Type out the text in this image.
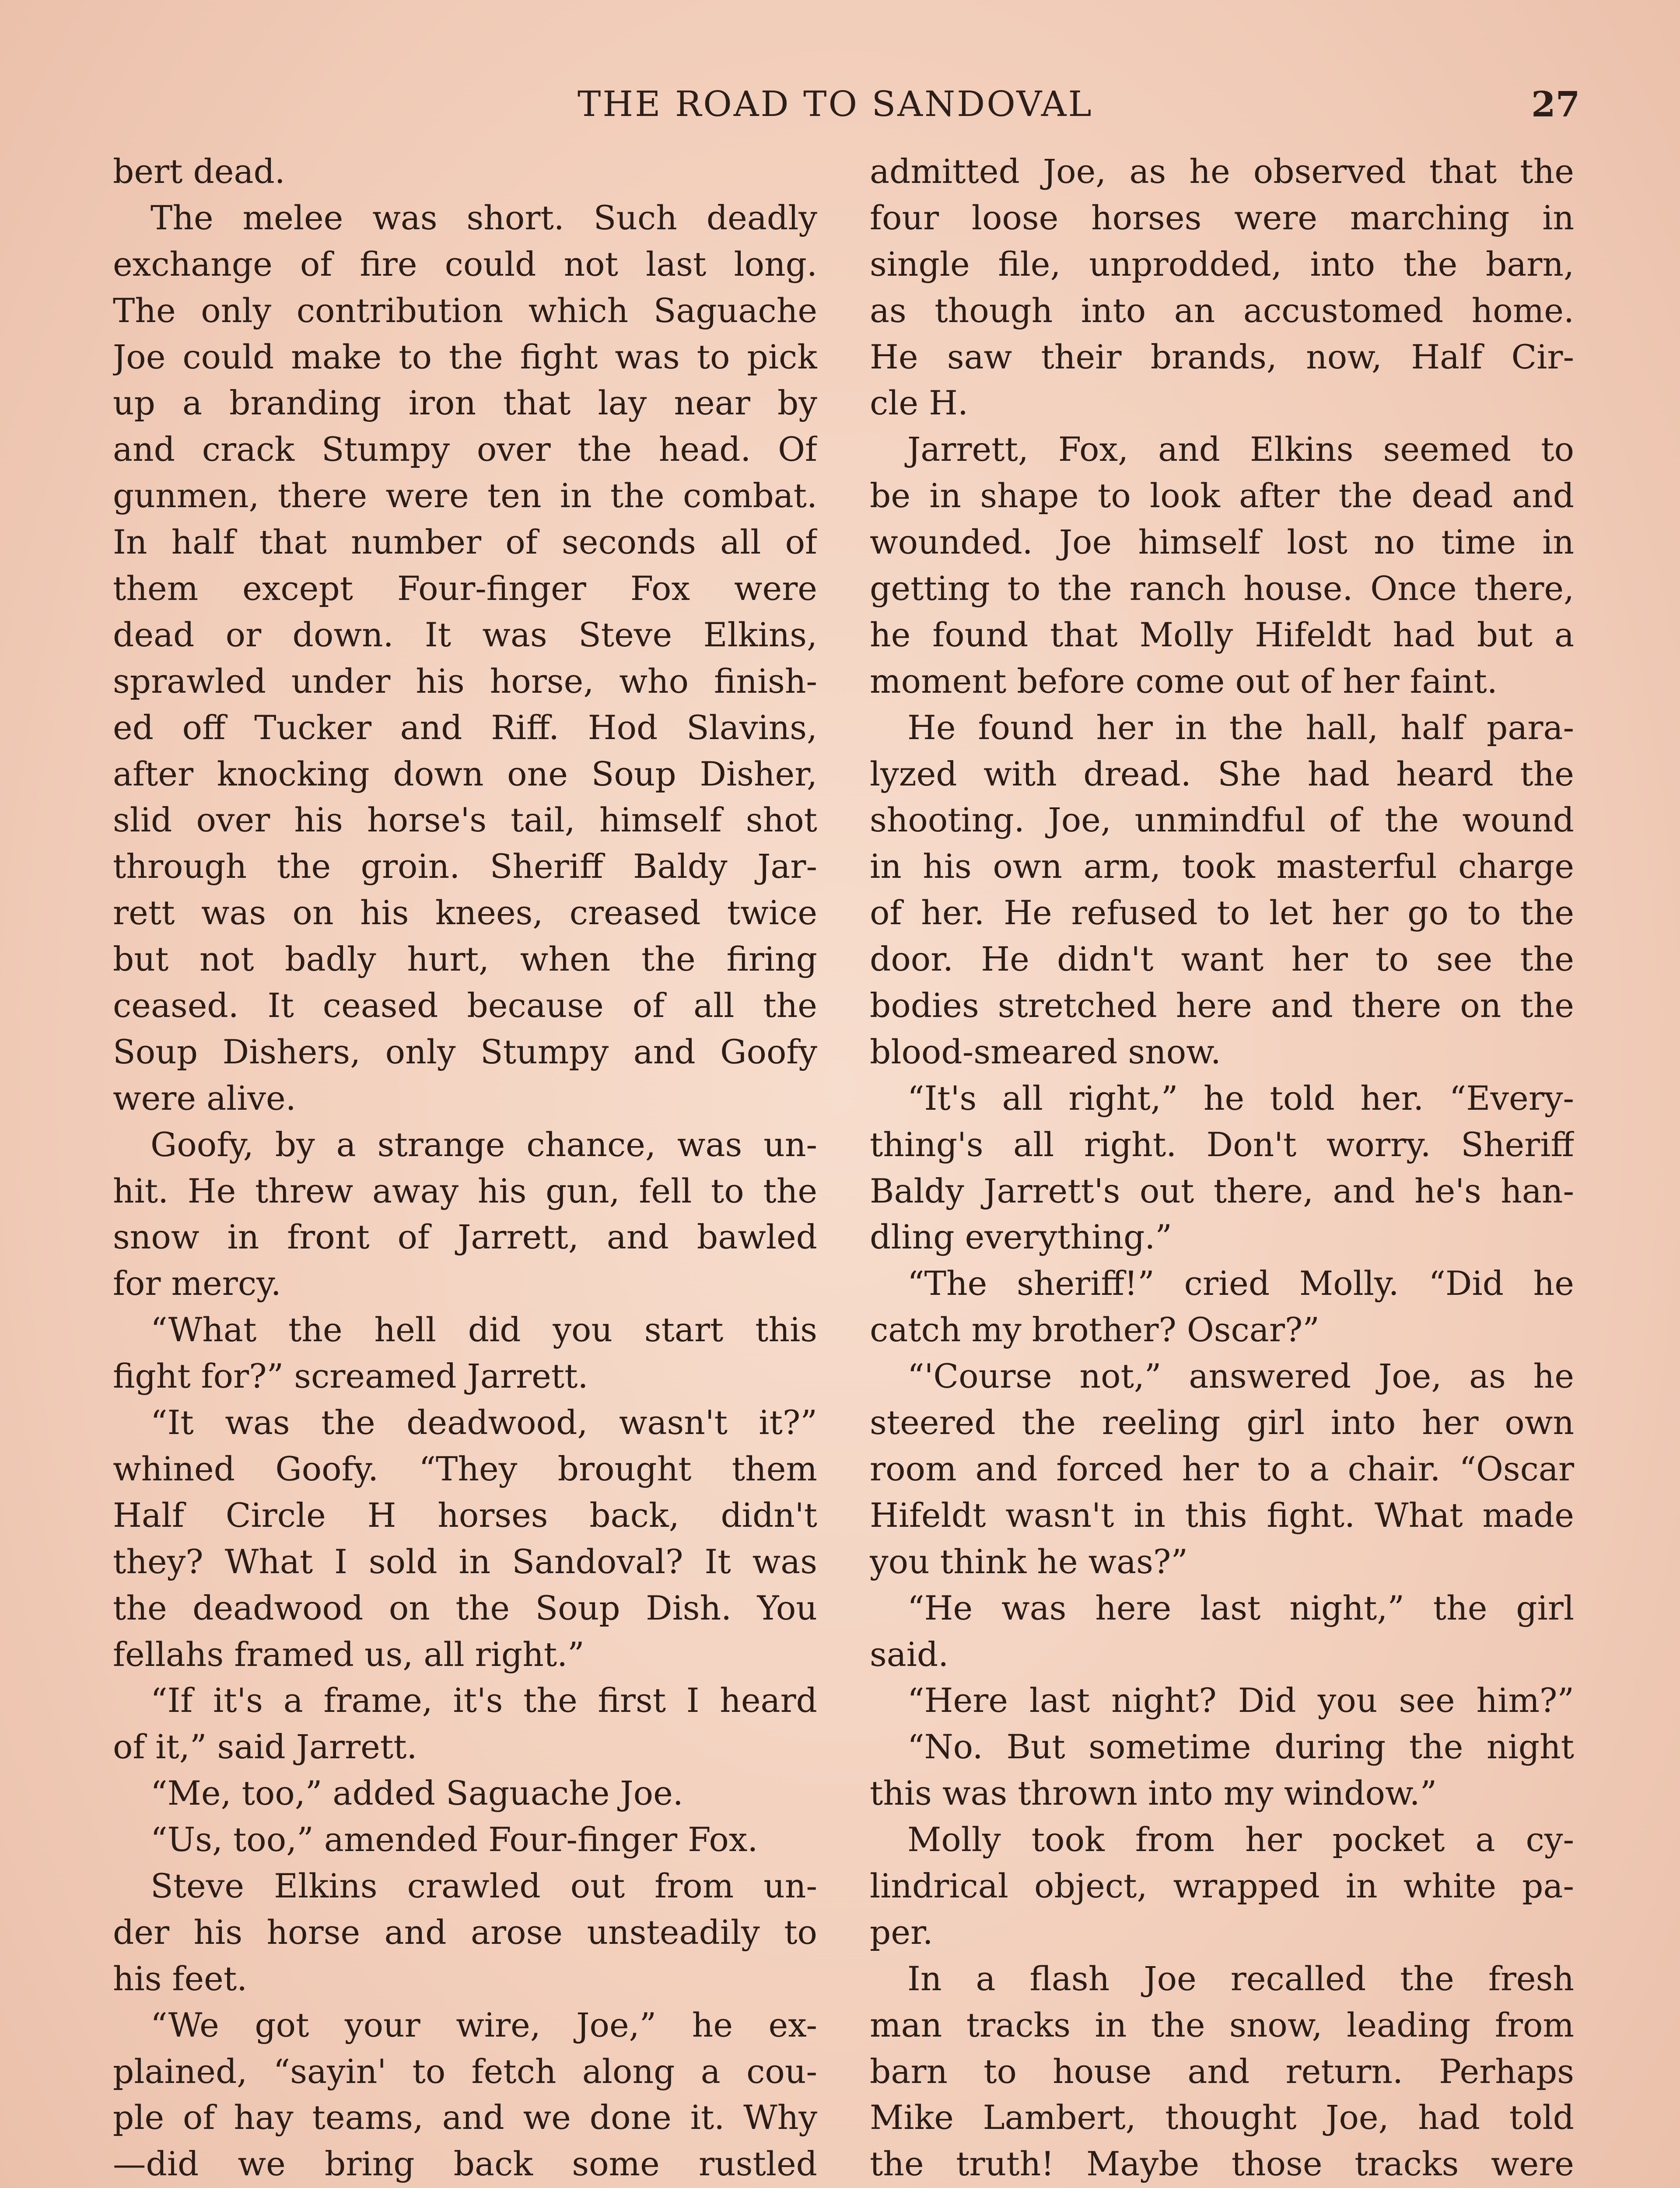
THE ROAD TO SANDOVAL	27
bert dead.
The melee was short. Such deadly
exchange of fire could not last long.
The only contribution which Saguache
Joe could make to the fight was to pick
up a branding iron that lay near by
and crack Stumpy over the head. Of
gunmen, there were ten in the combat.
In half that number of seconds all of
them except Four-finger Fox were
dead or down. It was Steve Elkins,
sprawled under his horse, who finish-
ed off Tucker and Riff. Hod Slavins,
after knocking down one Soup Disher,
slid over his horse's tail, himself shot
through the groin. Sheriff Baldy Jar-
rett was on his knees, creased twice
but not badly hurt, when the firing
ceased. It ceased because of all the
Soup Dishers, only Stumpy and Goofy
were alive.
Goofy, by a strange chance, was un-
hit. He threw away his gun, fell to the
snow in front of Jarrett, and bawled
for mercy.
“What the hell did you start this
fight for?” screamed Jarrett.
“It was the deadwood, wasn't it?”
whined Goofy. “They brought them
Half Circle H horses back, didn't
they? What I sold in Sandoval? It was
the deadwood on the Soup Dish. You
fellahs framed us, all right.”
“If it's a frame, it's the first I heard
of it,” said Jarrett.
“Me, too,” added Saguache Joe.
“Us, too,” amended Four-finger Fox.
Steve Elkins crawled out from un-
der his horse and arose unsteadily to
his feet.
“We got your wire, Joe,” he ex-
plained, “sayin' to fetch along a cou-
ple of hay teams, and we done it. Why
—did we bring back some rustled
admitted Joe, as he observed that the
four loose horses were marching in
single file, unprodded, into the barn,
as though into an accustomed home.
He saw their brands, now, Half Cir-
cle H.
Jarrett, Fox, and Elkins seemed to
be in shape to look after the dead and
wounded. Joe himself lost no time in
getting to the ranch house. Once there,
he found that Molly Hifeldt had but a
moment before come out of her faint.
He found her in the hall, half para-
lyzed with dread. She had heard the
shooting. Joe, unmindful of the wound
in his own arm, took masterful charge
of her. He refused to let her go to the
door. He didn't want her to see the
bodies stretched here and there on the
blood-smeared snow.
“It's all right,” he told her. “Every-
thing's all right. Don't worry. Sheriff
Baldy Jarrett's out there, and he's han-
dling everything.”
“The sheriff!” cried Molly. “Did he
catch my brother? Oscar?”
“'Course not,” answered Joe, as he
steered the reeling girl into her own
room and forced her to a chair. “Oscar
Hifeldt wasn't in this fight. What made
you think he was?”
“He was here last night,” the girl
said.
“Here last night? Did you see him?”
“No. But sometime during the night
this was thrown into my window.”
Molly took from her pocket a cy-
lindrical object, wrapped in white pa-
per.
In a flash Joe recalled the fresh
man tracks in the snow, leading from
barn to house and return. Perhaps
Mike Lambert, thought Joe, had told
the truth! Maybe those tracks were
